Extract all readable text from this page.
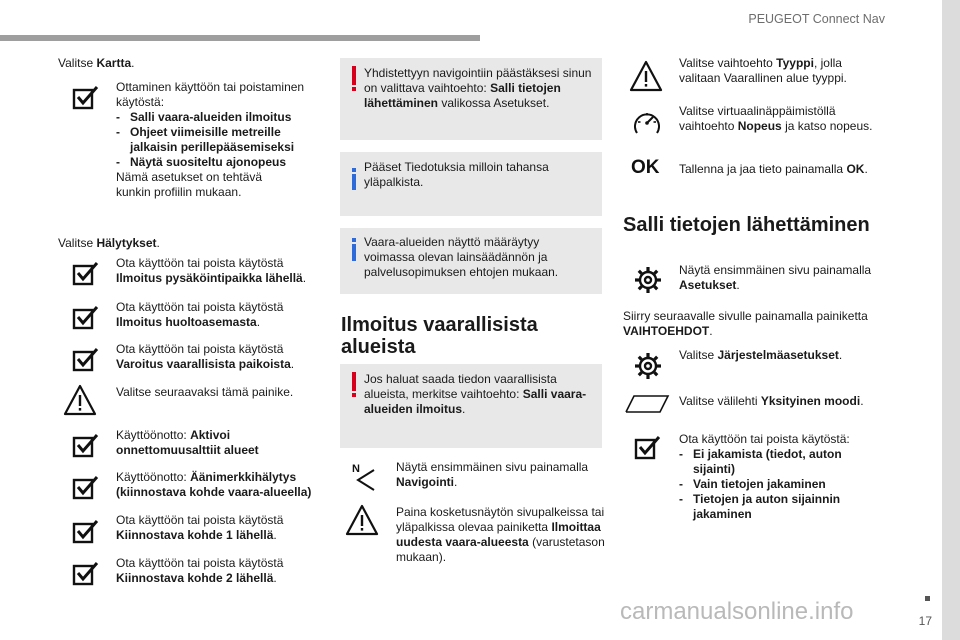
PEUGEOT Connect Nav
17
Valitse Kartta.
Ottaminen käyttöön tai poistaminen
käytöstä:
- Salli vaara-alueiden ilmoitus
- Ohjeet viimeisille metreille jalkaisin perillepääsemiseksi
- Näytä suositeltu ajonopeus
Nämä asetukset on tehtävä kunkin profiilin mukaan.
Valitse Hälytykset.
Ota käyttöön tai poista käytöstä
Ilmoitus pysäköintipaikka lähellä.
Ota käyttöön tai poista käytöstä
Ilmoitus huoltoasemasta.
Ota käyttöön tai poista käytöstä
Varoitus vaarallisista paikoista.
Valitse seuraavaksi tämä painike.
Käyttöönotto: Aktivoi onnettomuusalttiit alueet
Käyttöönotto: Äänimerkkihälytys (kiinnostava kohde vaara-alueella)
Ota käyttöön tai poista käytöstä
Kiinnostava kohde 1 lähellä.
Ota käyttöön tai poista käytöstä
Kiinnostava kohde 2 lähellä.
Yhdistettyyn navigointiin päästäksesi sinun on valittava vaihtoehto: Salli tietojen lähettäminen valikossa Asetukset.
Pääset Tiedotuksia milloin tahansa yläpalkista.
Vaara-alueiden näyttö määräytyy voimassa olevan lainsäädännön ja palvelusopimuksen ehtojen mukaan.
Ilmoitus vaarallisista
alueista
Jos haluat saada tiedon vaarallisista alueista, merkitse vaihtoehto: Salli vaara-alueiden ilmoitus.
N	Näytä ensimmäinen sivu painamalla Navigointi.
Paina kosketusnäytön sivupalkeissa tai yläpalkissa olevaa painiketta Ilmoittaa uudesta vaara-alueesta (varustetason mukaan).
Valitse vaihtoehto Tyyppi, jolla valitaan Vaarallinen alue tyyppi.
Valitse virtuaalinäppäimistöllä vaihtoehto Nopeus ja katso nopeus.
OK Tallenna ja jaa tieto painamalla OK.
Salli tietojen lähettäminen
Näytä ensimmäinen sivu painamalla Asetukset.
Siirry seuraavalle sivulle painamalla painiketta VAIHTOEHDOT.
Valitse Järjestelmäasetukset.
Valitse välilehti Yksityinen moodi.
Ota käyttöön tai poista käytöstä:
- Ei jakamista (tiedot, auton sijainti)
- Vain tietojen jakaminen
- Tietojen ja auton sijainnin jakaminen
carmanualsonline.info
